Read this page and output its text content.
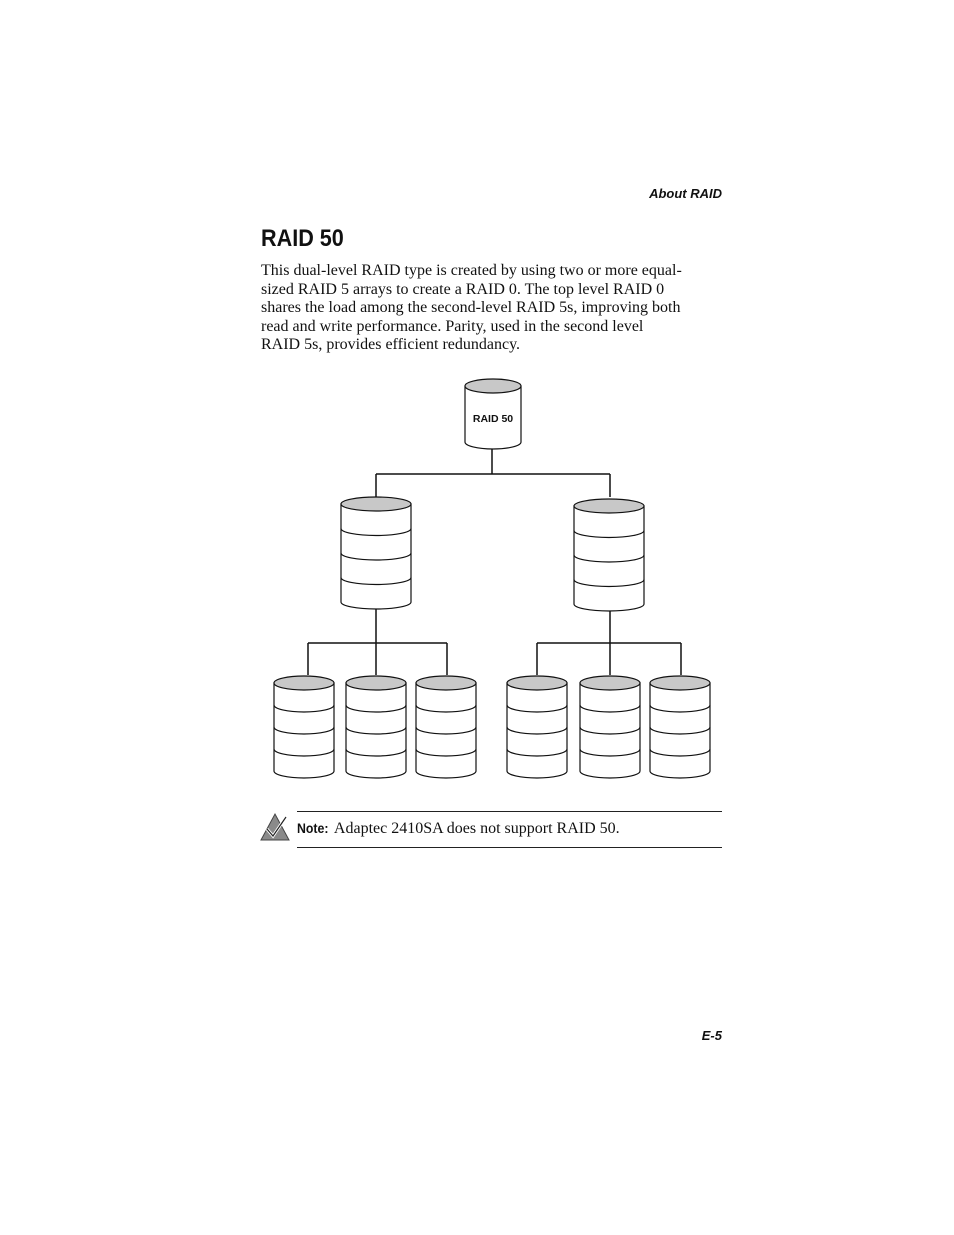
About RAID
RAID 50

This dual-level RAID type is created by using two or more equal-
sized RAID 5 arrays to create a RAID 0. The top level RAID 0
shares the load among the second-level RAID 5s, improving both
read and write performance. Parity, used in the second level
RAID 5s, provides efficient redundancy.

RAID 50
Note: Adaptec 2410SA does not support RAID 50.
E-5
